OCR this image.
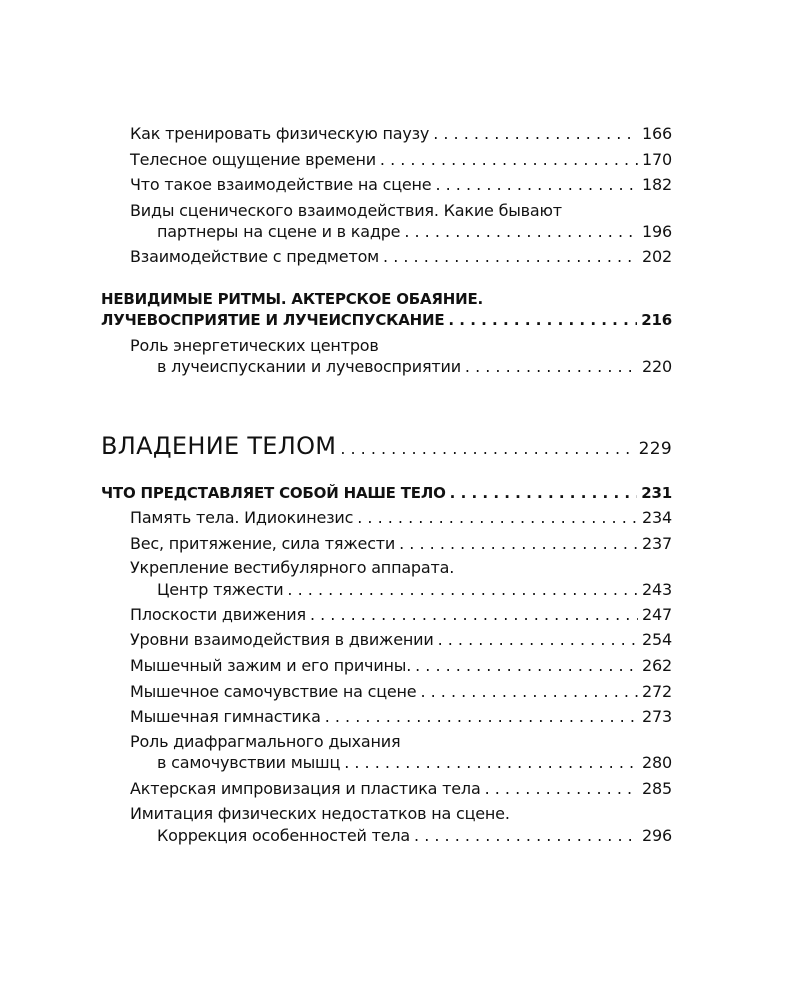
Как тренировать физическую паузу . . .	166
Телесное ощущение времени . . .	170
Что такое взаимодействие на сцене . . .	182
Виды сценического взаимодействия. Какие бывают
партнеры на сцене и в кадре . . .	196
Взаимодействие с предметом . . .	202
НЕВИДИМЫЕ РИТМЫ. АКТЕРСКОЕ ОБАЯНИЕ.
ЛУЧЕВОСПРИЯТИЕ И ЛУЧЕИСПУСКАНИЕ . . .	216
Роль энергетических центров
в лучеиспускании и лучевосприятии . . .	220
ВЛАДЕНИЕ ТЕЛОМ . . .	229
ЧТО ПРЕДСТАВЛЯЕТ СОБОЙ НАШЕ ТЕЛО . . .	231
Память тела. Идиокинезис . . .	234
Вес, притяжение, сила тяжести . . .	237
Укрепление вестибулярного аппарата.
Центр тяжести . . .	243
Плоскости движения . . .	247
Уровни взаимодействия в движении . . .	254
Мышечный зажим и его причины. . . .	262
Мышечное самочувствие на сцене . . .	272
Мышечная гимнастика . . .	273
Роль диафрагмального дыхания
в самочувствии мышц . . .	280
Актерская импровизация и пластика тела . . .	285
Имитация физических недостатков на сцене.
Коррекция особенностей тела . . .	296
